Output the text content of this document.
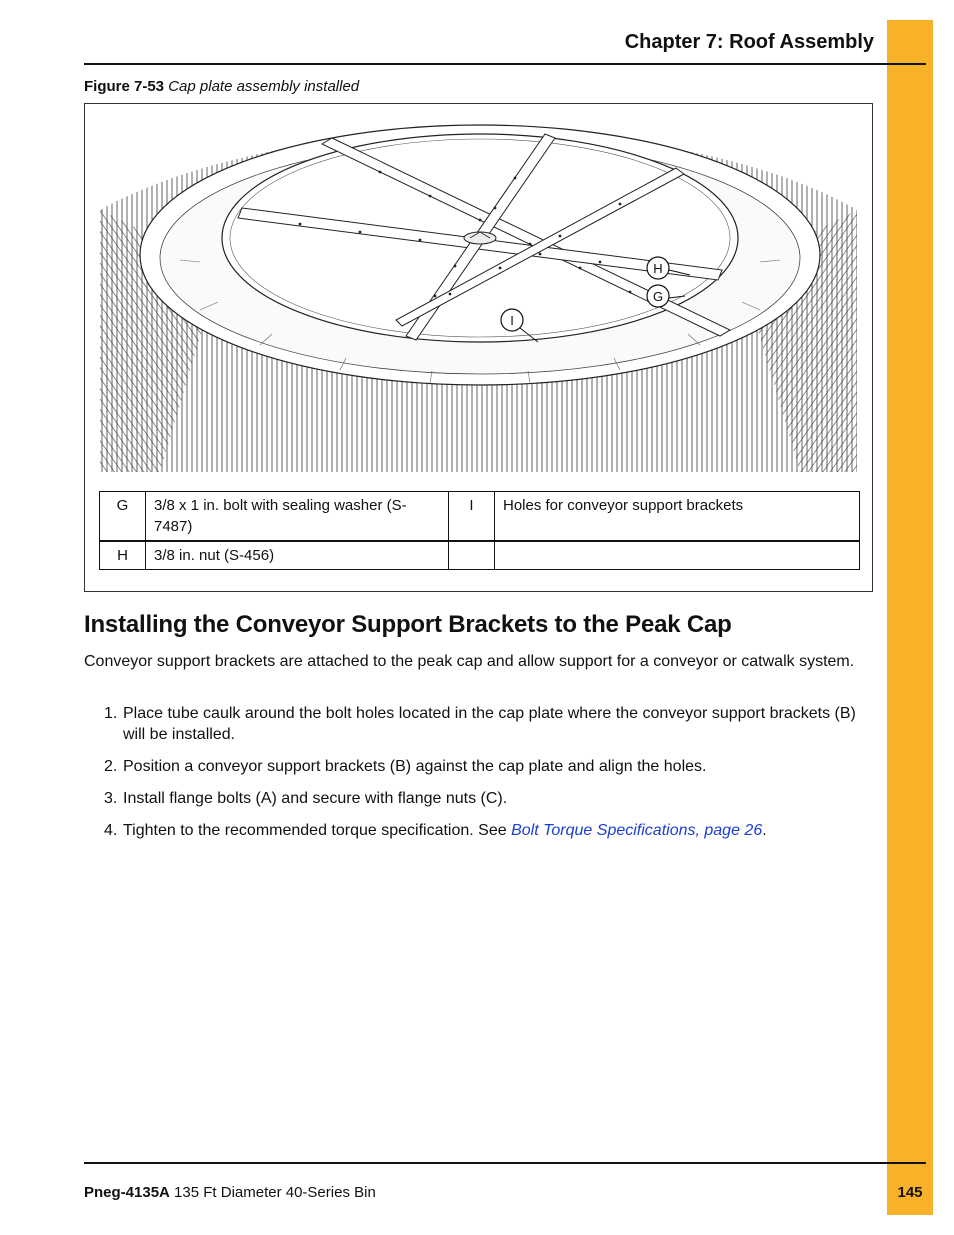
Chapter 7: Roof Assembly
Figure 7-53 Cap plate assembly installed
H
G
I
G	3/8 x 1 in. bolt with sealing washer (S-7487)	I	Holes for conveyor support brackets
H	3/8 in. nut (S-456)		
Installing the Conveyor Support Brackets to the Peak Cap
Conveyor support brackets are attached to the peak cap and allow support for a conveyor or catwalk system.
1. Place tube caulk around the bolt holes located in the cap plate where the conveyor support brackets (B) will be installed.
2. Position a conveyor support brackets (B) against the cap plate and align the holes.
3. Install flange bolts (A) and secure with flange nuts (C).
4. Tighten to the recommended torque specification. See Bolt Torque Specifications, page 26.
Pneg-4135A 135 Ft Diameter 40-Series Bin	145
